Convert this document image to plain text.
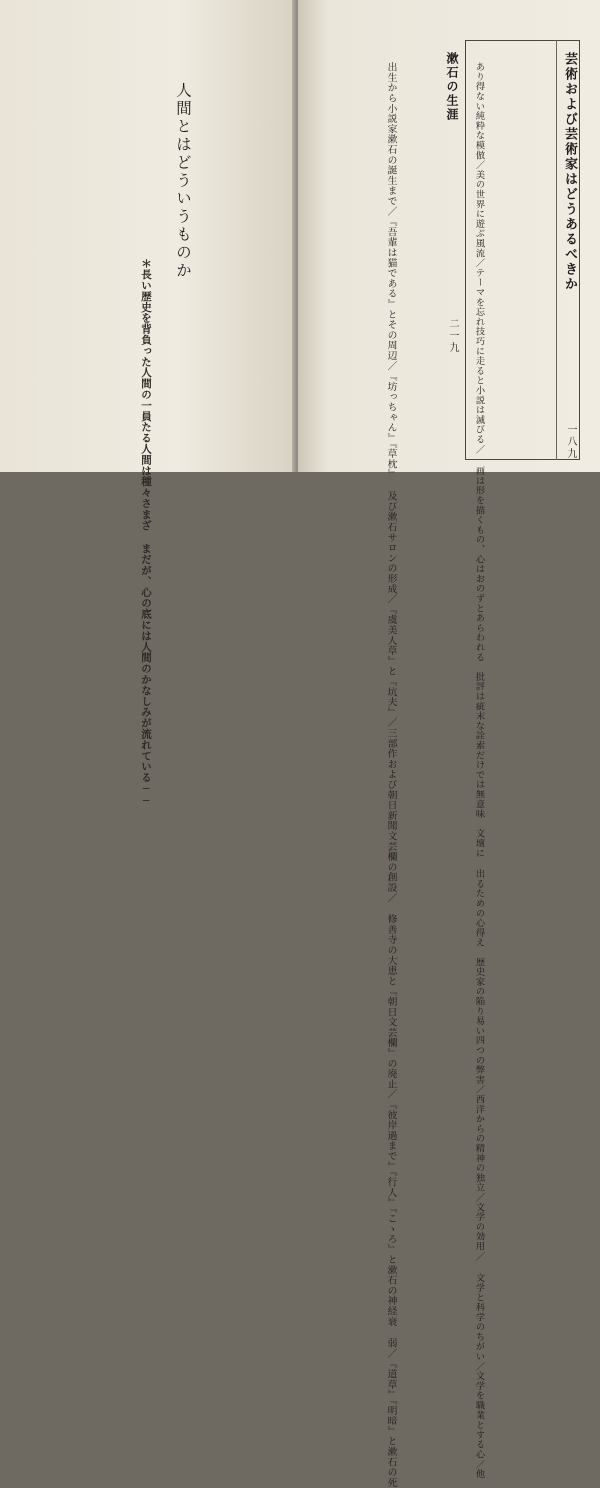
人間とはどういうものか
＊長い歴史を背負った人間の一員たる人間は種々さまざ まだが、心の底には人間のかなしみが流れている──
芸術および芸術家はどうあるべきか
あり得ない純粋な模倣／美の世界に遊ぶ風流／テーマを忘れ技巧に走ると小説は滅びる／ 画は形を描くもの、心はおのずとあらわれる　批評は疵末な詮索だけでは無意味　文壇に 出るための心得え　歴史家の陥り易い四つの弊害／西洋からの精神の独立／文学の効用／ 文学と科学のちがい／文学を職業とする心／他
一八九
漱石の生涯
出生から小説家漱石の誕生まで／『吾輩は猫である』とその周辺／『坊っちゃん』『草枕』 及び漱石サロンの形成／『虞美人草』と『坑夫』／三部作および朝日新聞文芸欄の創設／ 修善寺の大患と『朝日文芸欄』の廃止／『彼岸過まで』『行人』『こゝろ』と漱石の神経衰 弱／『道草』『明暗』と漱石の死
二一九
